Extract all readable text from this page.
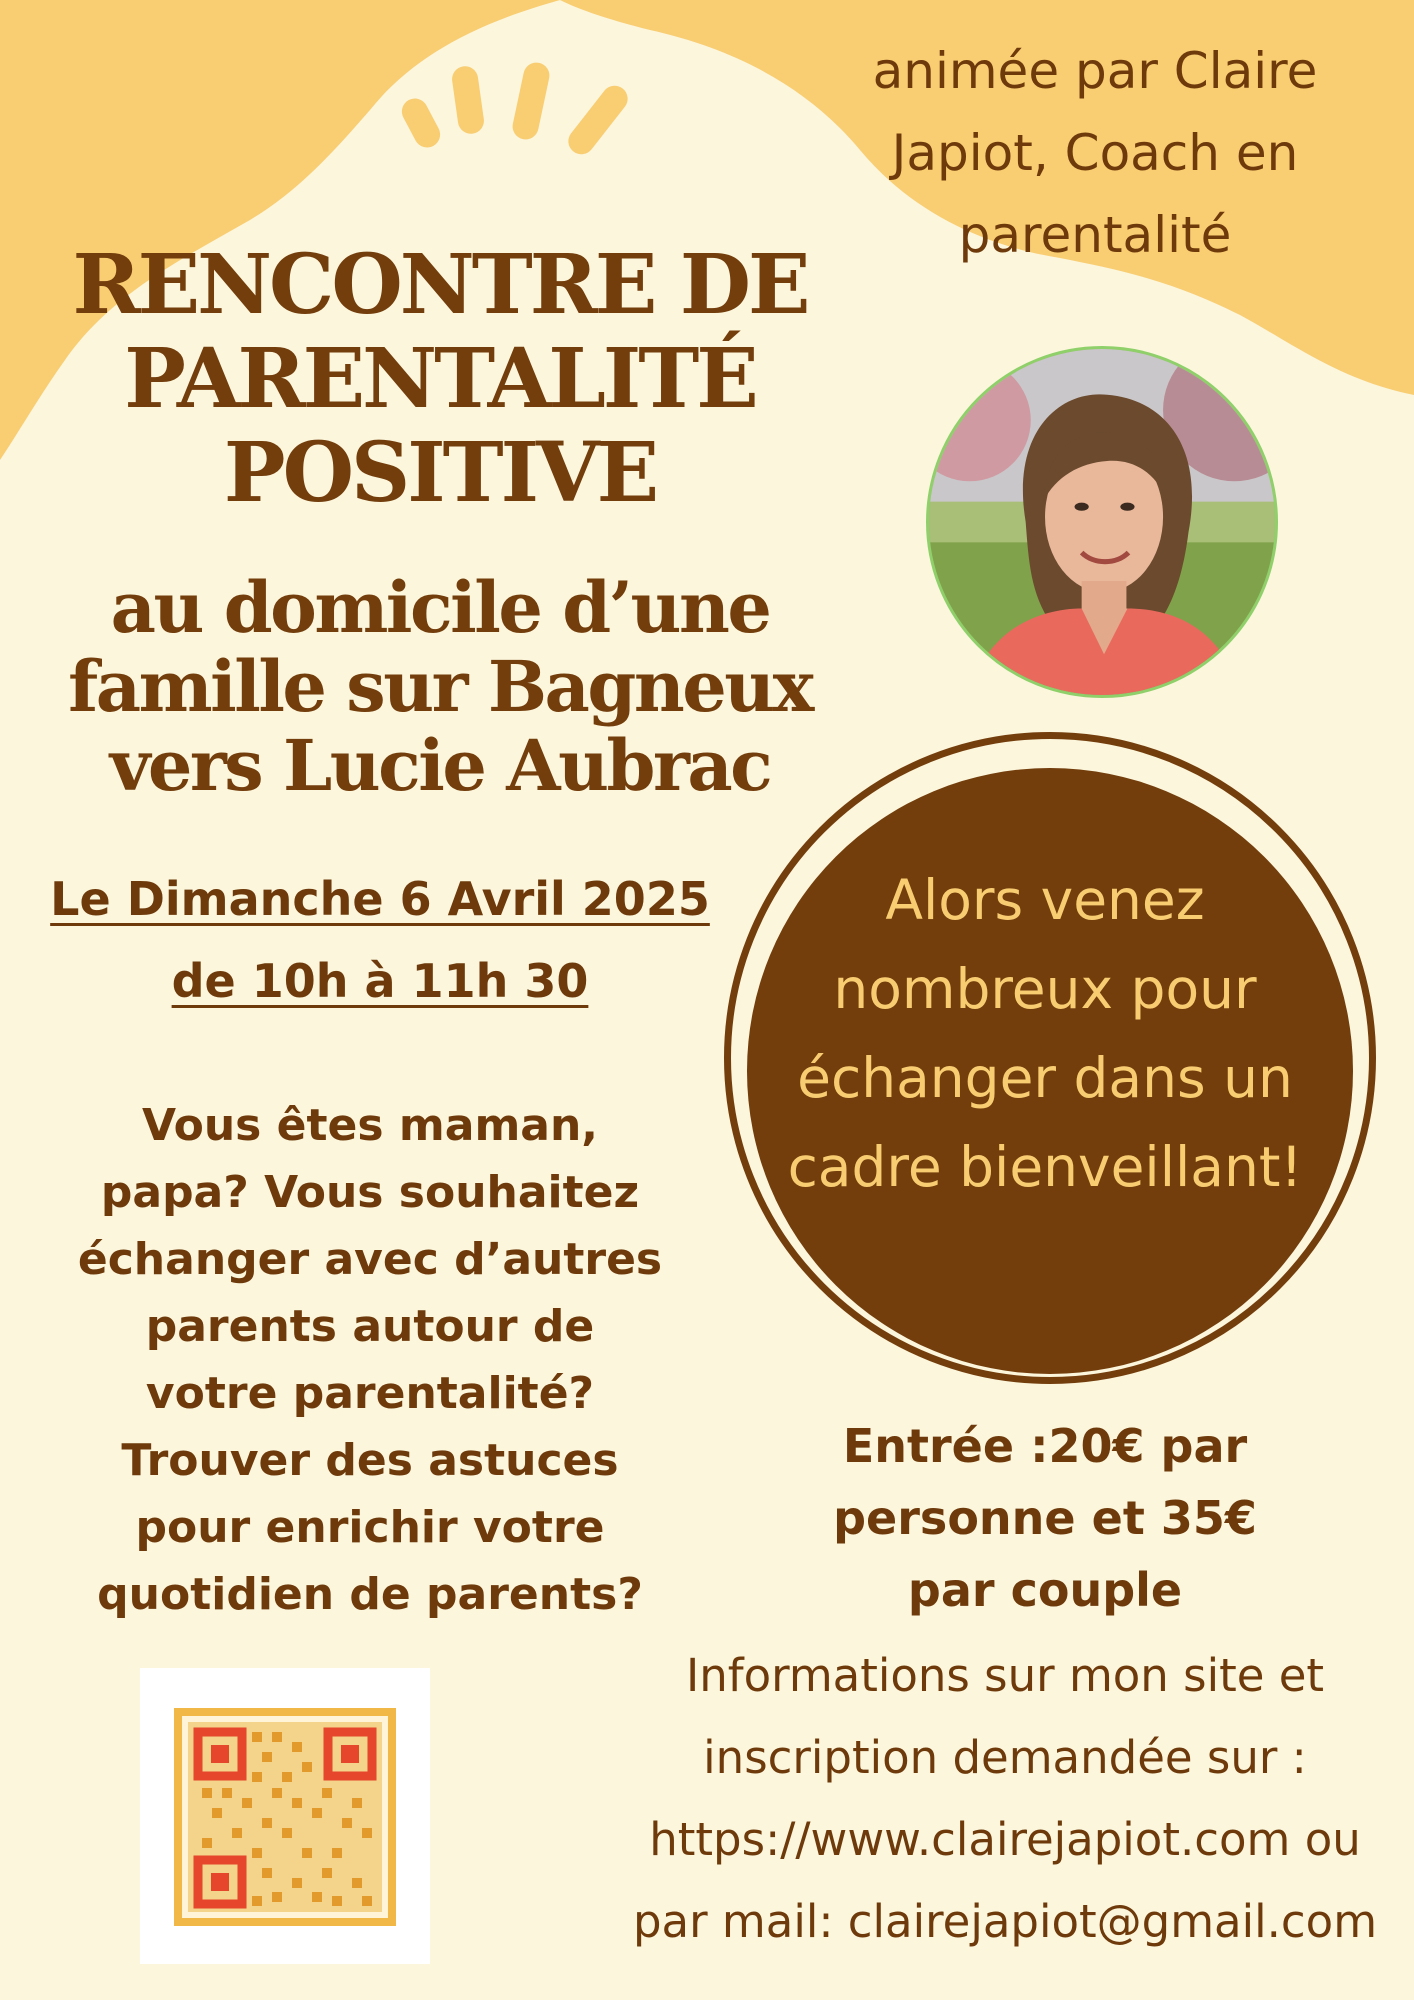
animée par Claire
Japiot, Coach en
parentalité
RENCONTRE DE
PARENTALITÉ
POSITIVE
au domicile d’une
famille sur Bagneux
vers Lucie Aubrac
Le Dimanche 6 Avril 2025
de 10h à 11h 30
Alors venez
nombreux pour
échanger dans un
cadre bienveillant!
Vous êtes maman,
papa? Vous souhaitez
échanger avec d’autres
parents autour de
votre parentalité?
Trouver des astuces
pour enrichir votre
quotidien de parents?
Entrée :20€ par
personne et 35€
par couple
Informations sur mon site et
inscription demandée sur :
https://www.clairejapiot.com ou
par mail: clairejapiot@gmail.com
